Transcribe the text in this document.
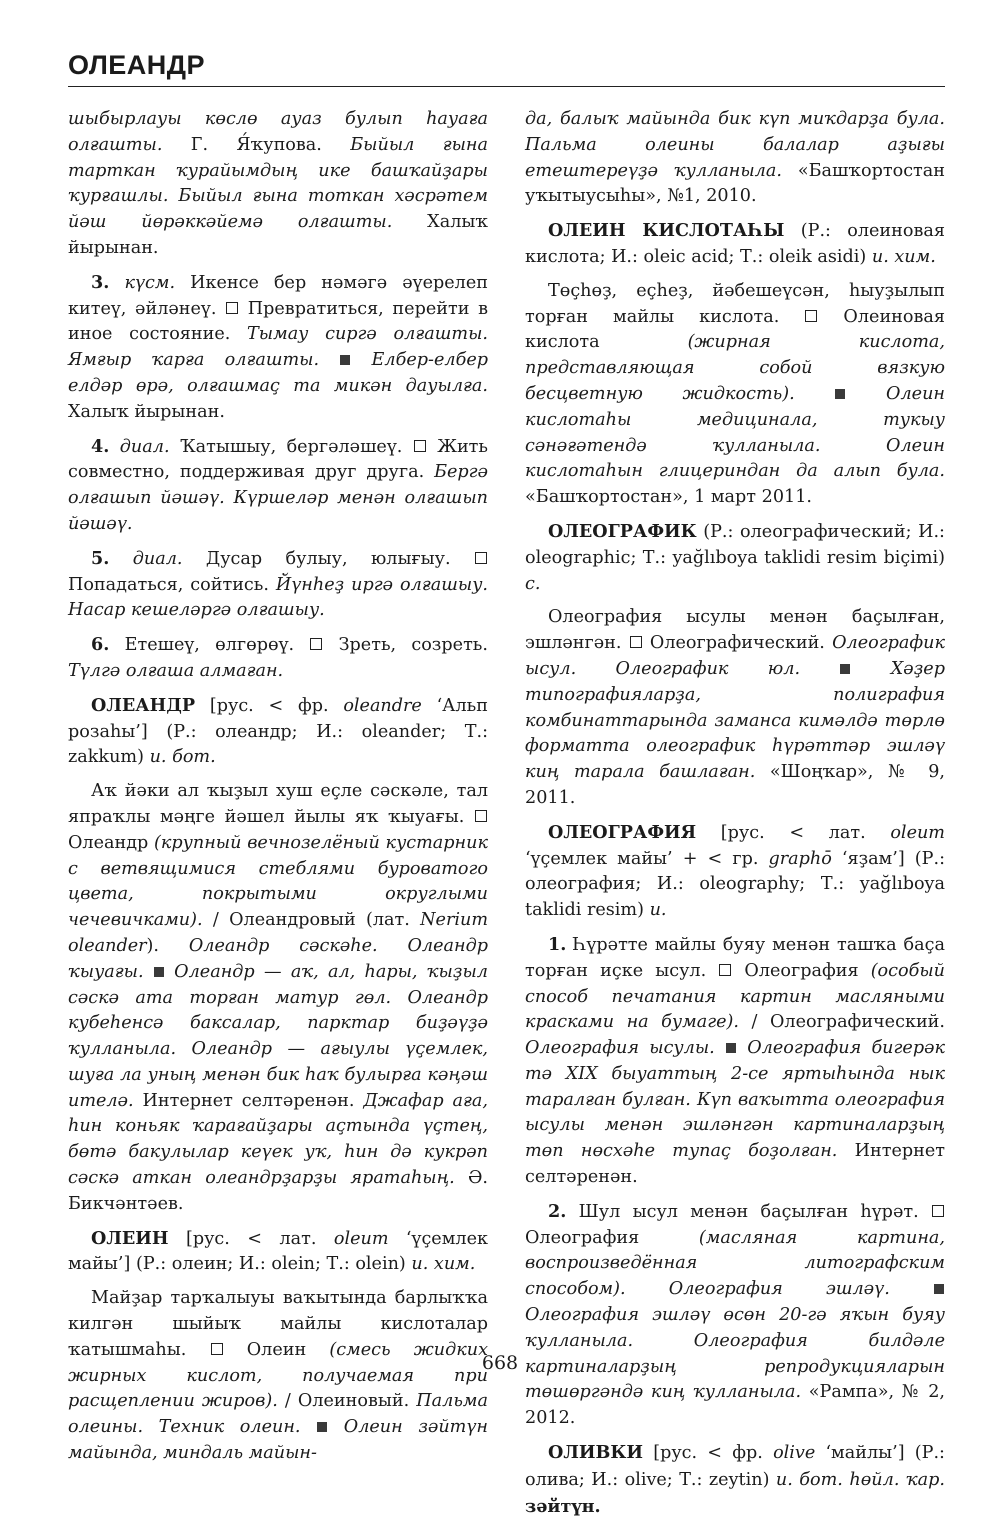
ОЛЕАНДР

шыбырлауы көслө ауаз булып һауаға олғашты. Г. Я́ҡупова. Быйыл ғына тарткан ҡурайымдың ике башҡайҙары ҡурғашлы. Быйыл ғына тоткан хәсрәтем йәш йөрәккәйемә олғашты. Халыҡ йырынан.

3. күсм. Икенсе бер нәмәгә әүерелеп китеү, әйләнеү.  Превратиться, перейти в иное состояние. Тымау сиргә олғашты. Ямғыр ҡарға олғашты.  Елбер-елбер елдәр өрә, олғашмаҫ та микән дауылға. Халыҡ йырынан.

4. диал. Ҡатышыу, бергәләшеү.  Жить совместно, поддерживая друг друга. Бергә олғашып йәшәү. Күршеләр менән олғашып йәшәү.

5. диал. Дусар булыу, юлығыу.  Попадаться, сойтись. Йүнһеҙ иргә олғашыу. Насар кешеләргә олғашыу.

6. Етешеү, өлгөрөү.  Зреть, созреть. Түлгә олғаша алмаған.

ОЛЕАНДР [рус. < фр. oleandre ‘Альп розаһы’] (Р.: олеандр; И.: oleander; Т.: zakkum) и. бот.

Аҡ йәки ал ҡыҙыл хуш еҫле сәскәле, тал япраҡлы мәңге йәшел йылы яҡ ҡыуағы.  Олеандр (крупный вечнозелёный кустарник с ветвящимися стеблями буроватого цвета, покрытыми округлыми чечевичками). / Олеандровый (лат. Nerium oleander). Олеандр сәскәһе. Олеандр ҡыуағы.  Олеандр — аҡ, ал, һары, ҡыҙыл сәскә ата торған матур гөл. Олеандр кубеһенсә баксалар, парктар биҙәүҙә ҡулланыла. Олеандр — ағыулы үҫемлек, шуға ла уның менән бик һаҡ булырға кәңәш ителә. Интернет селтәренән. Джафар аға, һин коньяк ҡарағайҙары аҫтында үҫтең, бөтә бакулылар кеүек уҡ, һин дә кукрәп сәскә аткан олеандрҙарҙы яратаһың. Ә. Бикчәнтәев.

ОЛЕИН [рус. < лат. oleum ‘үҫемлек майы’] (Р.: олеин; И.: olein; Т.: olein) и. хим.

Майҙар тарҡалыуы ваҡытында барлыҡҡа килгән шыйыҡ майлы кислоталар ҡатышмаһы.  Олеин (смесь жидких жирных кислот, получаемая при расщеплении жиров). / Олеиновый. Пальма олеины. Техник олеин.  Олеин зәйтүн майында, миндаль майын-

да, балыҡ майында бик күп миҡдарҙа була. Пальма олеины балалар аҙығы етештереүҙә ҡулланыла. «Башҡортостан уҡытыусыһы», №1, 2010.

ОЛЕИН КИСЛОТАҺЫ (Р.: олеиновая кислота; И.: oleic acid; Т.: oleik asidi) и. хим.

Төҫһөҙ, еҫһеҙ, йәбешеүсән, һыуҙылып торған майлы кислота.  Олеиновая кислота (жирная кислота, представляющая собой вязкую бесцветную жидкость).	Олеин кислотаһы медицинала, тукыу сәнәғәтендә ҡулланыла. Олеин кислотаһын глицериндан да алып була. «Башҡортостан», 1 март 2011.

ОЛЕОГРАФИК (Р.: олеографический; И.: oleographic; Т.: yağlıboya taklidi resim biçimi) с.

Олеография ысулы менән баҫылған, эшләнгән.  Олеографический. Олеографик ысул. Олеографик юл.	Хәҙер типографияларҙа, полиграфия комбинаттарында заманса кимәлдә төрлө форматта олеографик һүрәттәр эшләү киң тарала башлаған. «Шоңҡар», № 9, 2011.

ОЛЕОГРАФИЯ [рус. < лат. oleum ‘үҫемлек майы’ + < гр. graphō ‘яҙам’] (Р.: олеография; И.: oleography; Т.: yağlıboya taklidi resim) и.

1. Һүрәтте майлы буяу менән ташҡа баҫа торған иҫке ысул.  Олеография (особый способ печатания картин масляными красками на бумаге). / Олеографический. Олеография ысулы.  Олеография бигерәк тә XIX быуаттың 2-се яртыһында нык таралған булған. Күп ваҡытта олеография ысулы менән эшләнгән картиналарҙың төп нөсхәһе тупаҫ боҙолған. Интернет селтәренән.

2. Шул ысул менән баҫылған һүрәт.  Олеография (масляная картина, воспроизведённая литографским способом). Олеография эшләү.  Олеография эшләү өсөн 20-гә яҡын буяу ҡулланыла. Олеография билдәле картиналарҙың репродукцияларын төшөргәндә киң ҡулланыла. «Рампа», № 2, 2012.

ОЛИВКИ [рус. < фр. olive ‘майлы’] (Р.: олива; И.: olive; Т.: zeytin) и. бот. һөйл. ҡар. зәйтүн.

668
